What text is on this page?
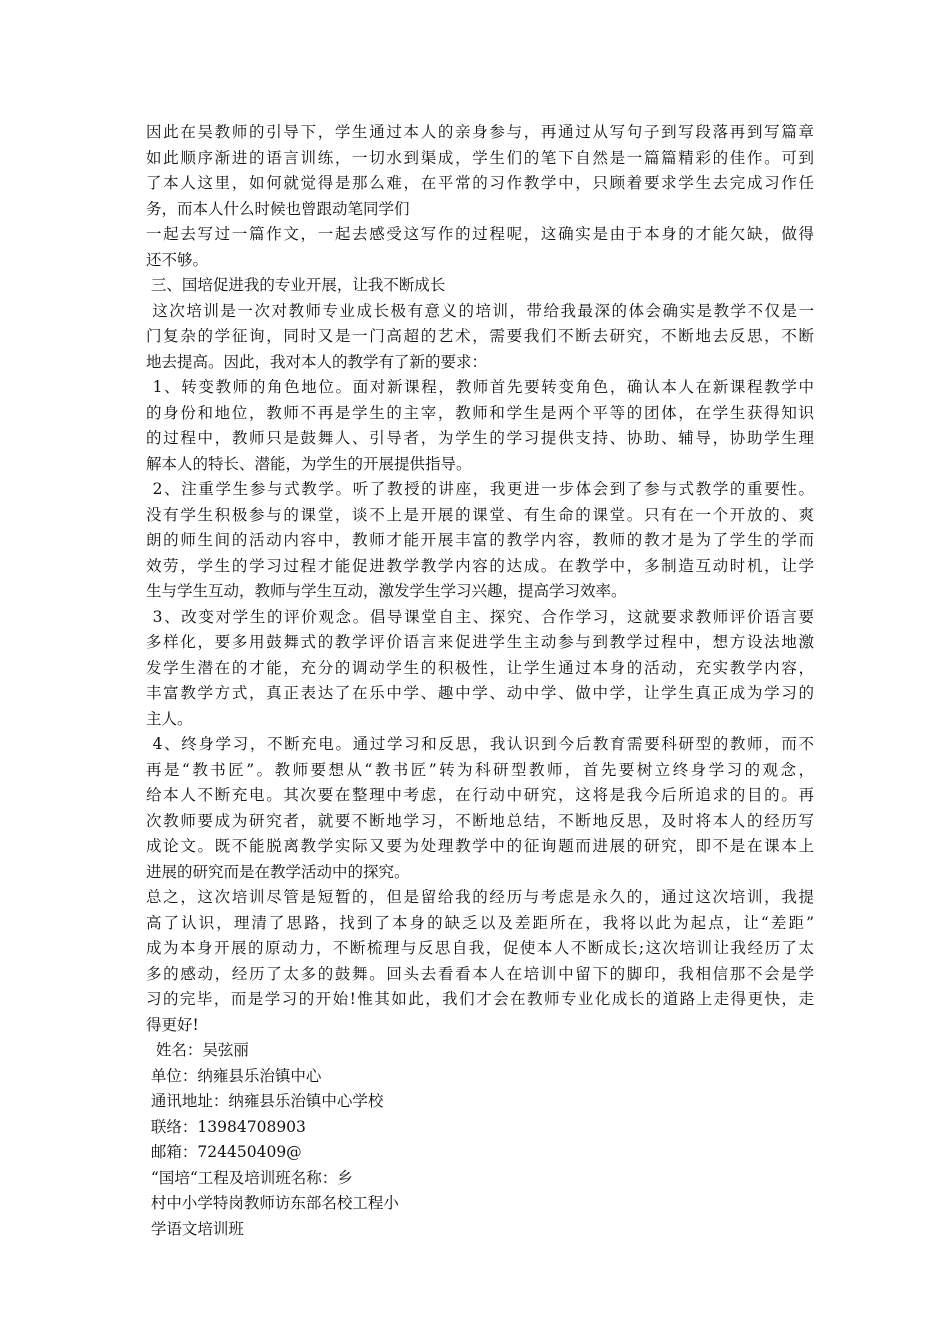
因此在吴教师的引导下，学生通过本人的亲身参与，再通过从写句子到写段落再到写篇章
如此顺序渐进的语言训练，一切水到渠成，学生们的笔下自然是一篇篇精彩的佳作。可到
了本人这里，如何就觉得是那么难，在平常的习作教学中，只顾着要求学生去完成习作任
务，而本人什么时候也曾跟动笔同学们
一起去写过一篇作文，一起去感受这写作的过程呢，这确实是由于本身的才能欠缺，做得
还不够。
三、国培促进我的专业开展，让我不断成长
这次培训是一次对教师专业成长极有意义的培训，带给我最深的体会确实是教学不仅是一
门复杂的学征询，同时又是一门高超的艺术，需要我们不断去研究，不断地去反思，不断
地去提高。因此，我对本人的教学有了新的要求：
1、转变教师的角色地位。面对新课程，教师首先要转变角色，确认本人在新课程教学中
的身份和地位，教师不再是学生的主宰，教师和学生是两个平等的团体，在学生获得知识
的过程中，教师只是鼓舞人、引导者，为学生的学习提供支持、协助、辅导，协助学生理
解本人的特长、潜能，为学生的开展提供指导。
2、注重学生参与式教学。听了教授的讲座，我更进一步体会到了参与式教学的重要性。
没有学生积极参与的课堂，谈不上是开展的课堂、有生命的课堂。只有在一个开放的、爽
朗的师生间的活动内容中，教师才能开展丰富的教学内容，教师的教才是为了学生的学而
效劳，学生的学习过程才能促进教学教学内容的达成。在教学中，多制造互动时机，让学
生与学生互动，教师与学生互动，激发学生学习兴趣，提高学习效率。
3、改变对学生的评价观念。倡导课堂自主、探究、合作学习，这就要求教师评价语言要
多样化，要多用鼓舞式的教学评价语言来促进学生主动参与到教学过程中，想方设法地激
发学生潜在的才能，充分的调动学生的积极性，让学生通过本身的活动，充实教学内容，
丰富教学方式，真正表达了在乐中学、趣中学、动中学、做中学，让学生真正成为学习的
主人。
4、终身学习，不断充电。通过学习和反思，我认识到今后教育需要科研型的教师，而不
再是“教书匠”。教师要想从“教书匠”转为科研型教师，首先要树立终身学习的观念，
给本人不断充电。其次要在整理中考虑，在行动中研究，这将是我今后所追求的目的。再
次教师要成为研究者，就要不断地学习，不断地总结，不断地反思，及时将本人的经历写
成论文。既不能脱离教学实际又要为处理教学中的征询题而进展的研究，即不是在课本上
进展的研究而是在教学活动中的探究。
总之，这次培训尽管是短暂的，但是留给我的经历与考虑是永久的，通过这次培训，我提
高了认识，理清了思路，找到了本身的缺乏以及差距所在，我将以此为起点，让“差距”
成为本身开展的原动力，不断梳理与反思自我，促使本人不断成长;这次培训让我经历了太
多的感动，经历了太多的鼓舞。回头去看看本人在培训中留下的脚印，我相信那不会是学
习的完毕，而是学习的开始!惟其如此，我们才会在教师专业化成长的道路上走得更快，走
得更好!
姓名：吴弦丽
单位：纳雍县乐治镇中心
通讯地址：纳雍县乐治镇中心学校
联络：13984708903
邮箱：724450409@
“国培“工程及培训班名称：乡
村中小学特岗教师访东部名校工程小
学语文培训班
